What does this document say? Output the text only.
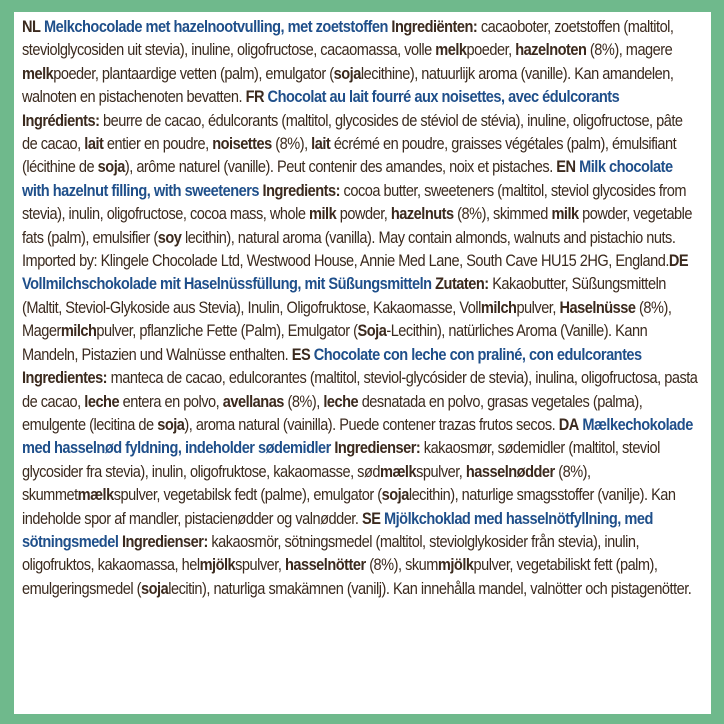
NL Melkchocolade met hazelnootvulling, met zoetstoffen Ingrediënten: cacaoboter, zoetstoffen (maltitol, steviolglycosiden uit stevia), inuline, oligofructose, cacaomassa, volle melkpoeder, hazelnoten (8%), magere melkpoeder, plantaardige vetten (palm), emulgator (sojalecithine), natuurlijk aroma (vanille). Kan amandelen, walnoten en pistachenoten bevatten. FR Chocolat au lait fourré aux noisettes, avec édulcorants Ingrédients: beurre de cacao, édulcorants (maltitol, glycosides de stéviol de stévia), inuline, oligofructose, pâte de cacao, lait entier en poudre, noisettes (8%), lait écrémé en poudre, graisses végétales (palm), émulsifiant (lécithine de soja), arôme naturel (vanille). Peut contenir des amandes, noix et pistaches. EN Milk chocolate with hazelnut filling, with sweeteners Ingredients: cocoa butter, sweeteners (maltitol, steviol glycosides from stevia), inulin, oligofructose, cocoa mass, whole milk powder, hazelnuts (8%), skimmed milk powder, vegetable fats (palm), emulsifier (soy lecithin), natural aroma (vanilla). May contain almonds, walnuts and pistachio nuts. Imported by: Klingele Chocolade Ltd, Westwood House, Annie Med Lane, South Cave HU15 2HG, England.DE Vollmilchschokolade mit Haselnüssfüllung, mit Süßungsmitteln Zutaten: Kakaobutter, Süßungsmitteln (Maltit, Steviol-Glykoside aus Stevia), Inulin, Oligofruktose, Kakaomasse, Vollmilchpulver, Haselnüsse (8%), Magermilchpulver, pflanzliche Fette (Palm), Emulgator (Soja-Lecithin), natürliches Aroma (Vanille). Kann Mandeln, Pistazien und Walnüsse enthalten. ES Chocolate con leche con praliné, con edulcorantes Ingredientes: manteca de cacao, edulcorantes (maltitol, steviol-glycósider de stevia), inulina, oligofructosa, pasta de cacao, leche entera en polvo, avellanas (8%), leche desnatada en polvo, grasas vegetales (palma), emulgente (lecitina de soja), aroma natural (vainilla). Puede contener trazas frutos secos. DA Mælkechokolade med hasselnød fyldning, indeholder sødemidler Ingredienser: kakaosmør, sødemidler (maltitol, steviol glycosider fra stevia), inulin, oligofruktose, kakaomasse, sødmælkspulver, hasselnødder (8%), skummetmælkspulver, vegetabilsk fedt (palme), emulgator (sojalecithin), naturlige smagsstoffer (vanilje). Kan indeholde spor af mandler, pistacienødder og valnødder. SE Mjölkchoklad med hasselnötfyllning, med sötningsmedel Ingredienser: kakaosmör, sötningsmedel (maltitol, steviolglykosider från stevia), inulin, oligofruktos, kakaomassa, helmjölkspulver, hasselnötter (8%), skummjölkpulver, vegetabiliskt fett (palm), emulgeringsmedel (sojalecitin), naturliga smakämnen (vanilj). Kan innehålla mandel, valnötter och pistagenötter.
